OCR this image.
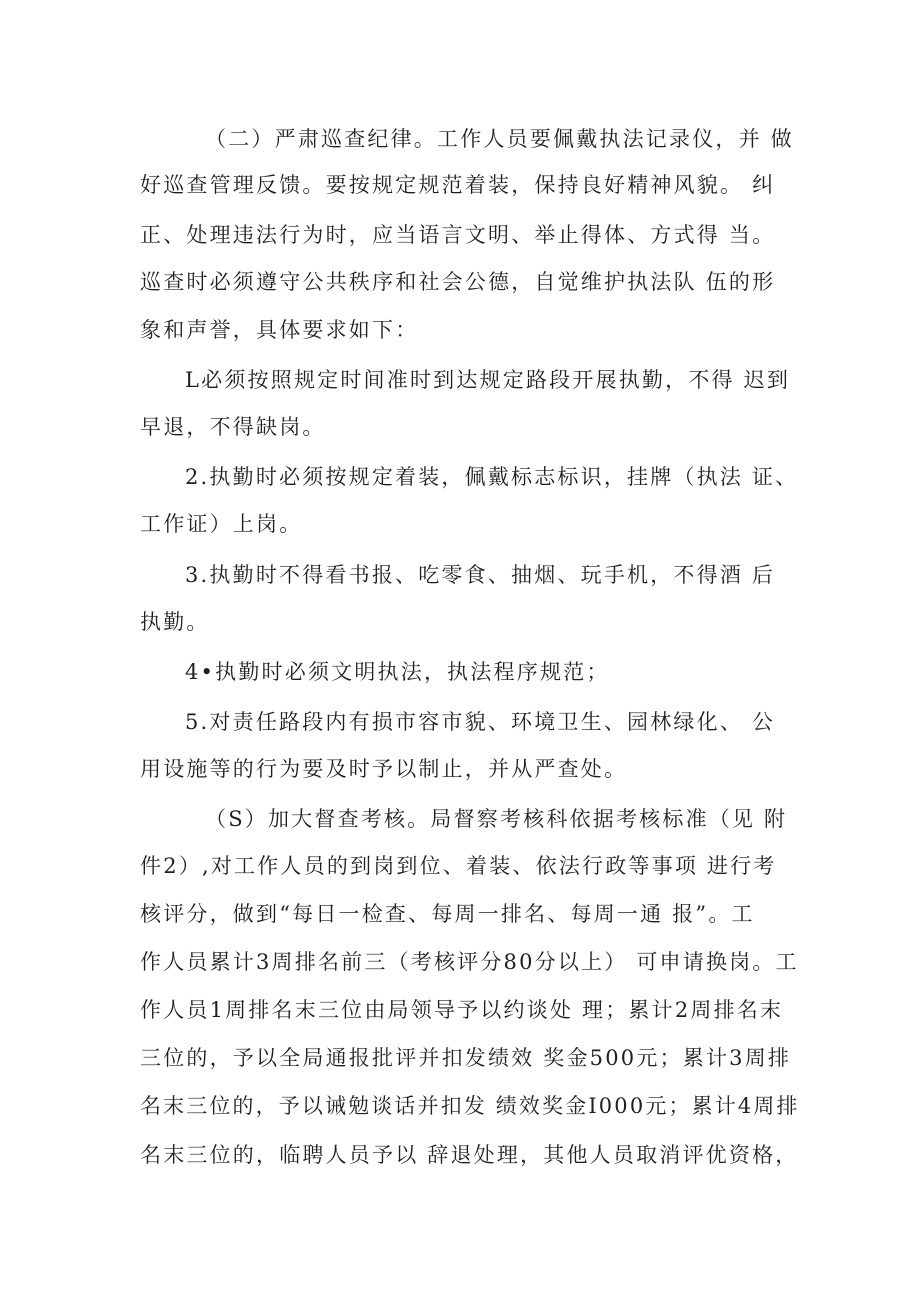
（二）严肃巡查纪律。工作人员要佩戴执法记录仪，并 做
好巡查管理反馈。要按规定规范着装，保持良好精神风貌。 纠
正、处理违法行为时，应当语言文明、举止得体、方式得 当。
巡查时必须遵守公共秩序和社会公德，自觉维护执法队 伍的形
象和声誉，具体要求如下：
L必须按照规定时间准时到达规定路段开展执勤，不得 迟到
早退，不得缺岗。
2.执勤时必须按规定着装，佩戴标志标识，挂牌（执法 证、
工作证）上岗。
3.执勤时不得看书报、吃零食、抽烟、玩手机，不得酒 后
执勤。
4•执勤时必须文明执法，执法程序规范；
5.对责任路段内有损市容市貌、环境卫生、园林绿化、 公
用设施等的行为要及时予以制止，并从严查处。
（S）加大督查考核。局督察考核科依据考核标准（见 附
件2）,对工作人员的到岗到位、着装、依法行政等事项 进行考
核评分，做到“每日一检查、每周一排名、每周一通 报”。工
作人员累计3周排名前三（考核评分80分以上） 可申请换岗。工
作人员1周排名末三位由局领导予以约谈处 理；累计2周排名末
三位的，予以全局通报批评并扣发绩效 奖金500元；累计3周排
名末三位的，予以诫勉谈话并扣发 绩效奖金I000元；累计4周排
名末三位的，临聘人员予以 辞退处理，其他人员取消评优资格，
